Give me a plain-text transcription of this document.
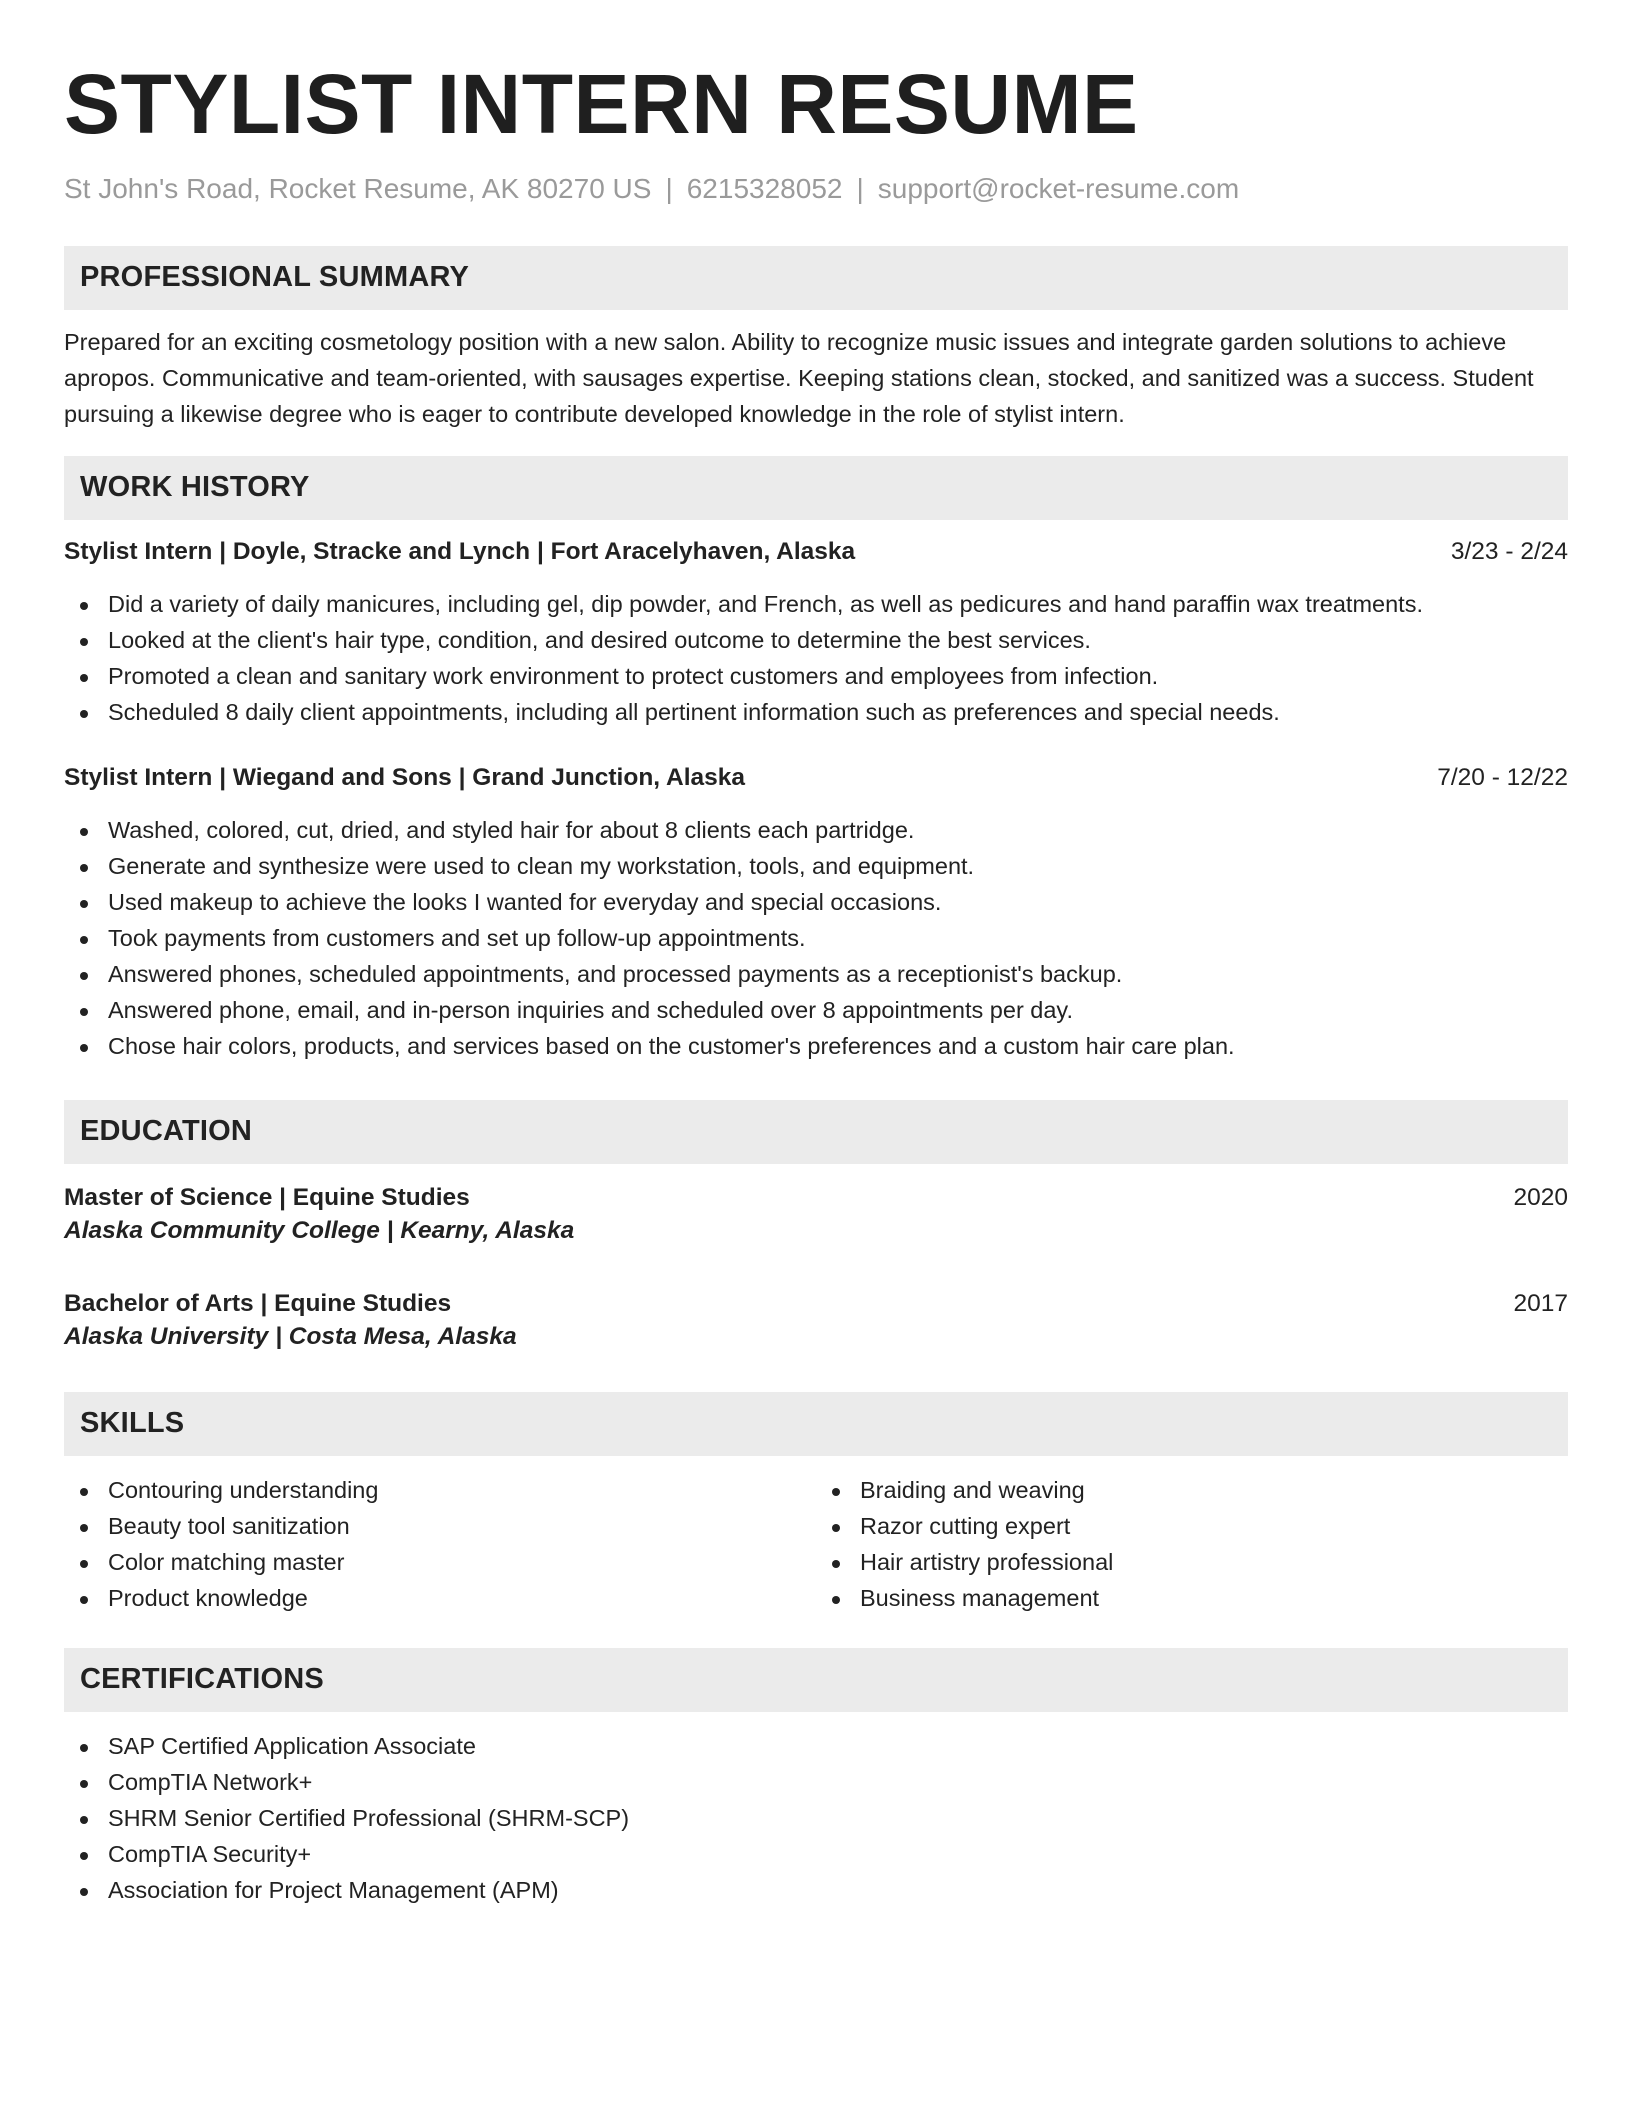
STYLIST INTERN RESUME
St John's Road, Rocket Resume, AK 80270 US | 6215328052 | support@rocket-resume.com
PROFESSIONAL SUMMARY

Prepared for an exciting cosmetology position with a new salon. Ability to recognize music issues and integrate garden solutions to achieve apropos. Communicative and team-oriented, with sausages expertise. Keeping stations clean, stocked, and sanitized was a success. Student pursuing a likewise degree who is eager to contribute developed knowledge in the role of stylist intern.

WORK HISTORY
Stylist Intern | Doyle, Stracke and Lynch | Fort Aracelyhaven, Alaska	3/23 - 2/24
Did a variety of daily manicures, including gel, dip powder, and French, as well as pedicures and hand paraffin wax treatments.
Looked at the client's hair type, condition, and desired outcome to determine the best services.
Promoted a clean and sanitary work environment to protect customers and employees from infection.
Scheduled 8 daily client appointments, including all pertinent information such as preferences and special needs.
Stylist Intern | Wiegand and Sons | Grand Junction, Alaska	7/20 - 12/22
Washed, colored, cut, dried, and styled hair for about 8 clients each partridge.
Generate and synthesize were used to clean my workstation, tools, and equipment.
Used makeup to achieve the looks I wanted for everyday and special occasions.
Took payments from customers and set up follow-up appointments.
Answered phones, scheduled appointments, and processed payments as a receptionist's backup.
Answered phone, email, and in-person inquiries and scheduled over 8 appointments per day.
Chose hair colors, products, and services based on the customer's preferences and a custom hair care plan.
EDUCATION
Master of Science | Equine Studies	2020
Alaska Community College | Kearny, Alaska
Bachelor of Arts | Equine Studies	2017
Alaska University | Costa Mesa, Alaska
SKILLS
Contouring understanding
Beauty tool sanitization
Color matching master
Product knowledge
Braiding and weaving
Razor cutting expert
Hair artistry professional
Business management
CERTIFICATIONS
SAP Certified Application Associate
CompTIA Network+
SHRM Senior Certified Professional (SHRM-SCP)
CompTIA Security+
Association for Project Management (APM)
